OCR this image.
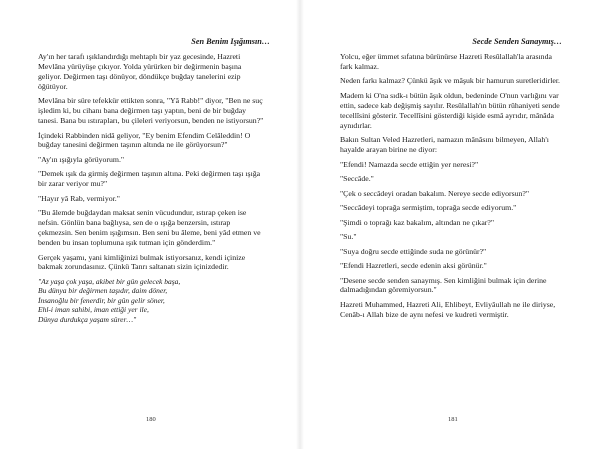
Sen Benim Işığımsın…

Ay'ın her tarafı ışıklandırdığı mehtaplı bir yaz gecesinde, Hazreti Mevlâna yürüyüşe çıkıyor. Yolda yürürken bir değirmenin başına geliyor. Değirmen taşı dönüyor, döndükçe buğday tanelerini ezip öğütüyor.

Mevlâna bir süre tefekkür ettikten sonra, "Yâ Rabb!" diyor, "Ben ne suç işledim ki, bu cihanı bana değirmen taşı yaptın, beni de bir buğday tanesi. Bana bu ıstırapları, bu çileleri veriyorsun, benden ne istiyorsun?"

İçindeki Rabbinden nidâ geliyor, "Ey benim Efendim Celâleddin! O buğday tanesini değirmen taşının altında ne ile görüyorsun?"

"Ay'ın ışığıyla görüyorum."

"Demek ışık da girmiş değirmen taşının altına. Peki değirmen taşı ışığa bir zarar veriyor mu?"

"Hayır yâ Rab, vermiyor."

"Bu âlemde buğdaydan maksat senin vücudundur, ıstırap çeken ise nefsin. Gönlün bana bağlıysa, sen de o ışığa benzersin, ıstırap çekmezsin. Sen benim ışığımsın. Ben seni bu âleme, beni yâd etmen ve benden bu insan toplumuna ışık tutman için gönderdim."

Gerçek yaşamı, yani kimliğinizi bulmak istiyorsanız, kendi içinize bakmak zorundasınız. Çünkü Tanrı saltanatı sizin içinizdedir.

"Az yaşa çok yaşa, akibet bir gün gelecek başa,
Bu dünya bir değirmen taşıdır, daim döner,
İnsanoğlu bir fenerdir, bir gün gelir söner,
Ehl-i iman sahibi, iman ettiği yer ile,
Dünya durdukça yaşam sürer…"
180
Secde Senden Sanaymış…

Yolcu, eğer ümmet sıfatına bürünürse Hazreti Resûlallah'la arasında fark kalmaz.

Neden farkı kalmaz? Çünkü âşık ve mâşuk bir hamurun suretleridirler.

Madem ki O'na sıdk-ı bütün âşık oldun, bedeninde O'nun varlığını var ettin, sadece kab değişmiş sayılır. Resûlallah'ın bütün rûhaniyeti sende tecellîsini gösterir. Tecellîsini gösterdiği kişide esmâ ayrıdır, mânâda aynıdırlar.

Bakın Sultan Veled Hazretleri, namazın mânâsını bilmeyen, Allah'ı hayalde arayan birine ne diyor:

"Efendi! Namazda secde ettiğin yer neresi?"

"Seccâde."

"Çek o seccâdeyi oradan bakalım. Nereye secde ediyorsun?"

"Seccâdeyi toprağa sermiştim, toprağa secde ediyorum."

"Şimdi o toprağı kaz bakalım, altından ne çıkar?"

"Su."

"Suya doğru secde ettiğinde suda ne görünür?"

"Efendi Hazretleri, secde edenin aksi görünür."

"Desene secde senden sanaymış. Sen kimliğini bulmak için derine dalmadığından göremiyorsun."

Hazreti Muhammed, Hazreti Ali, Ehlibeyt, Evliyâullah ne ile diriyse, Cenâb-ı Allah bize de aynı nefesi ve kudreti vermiştir.

181
